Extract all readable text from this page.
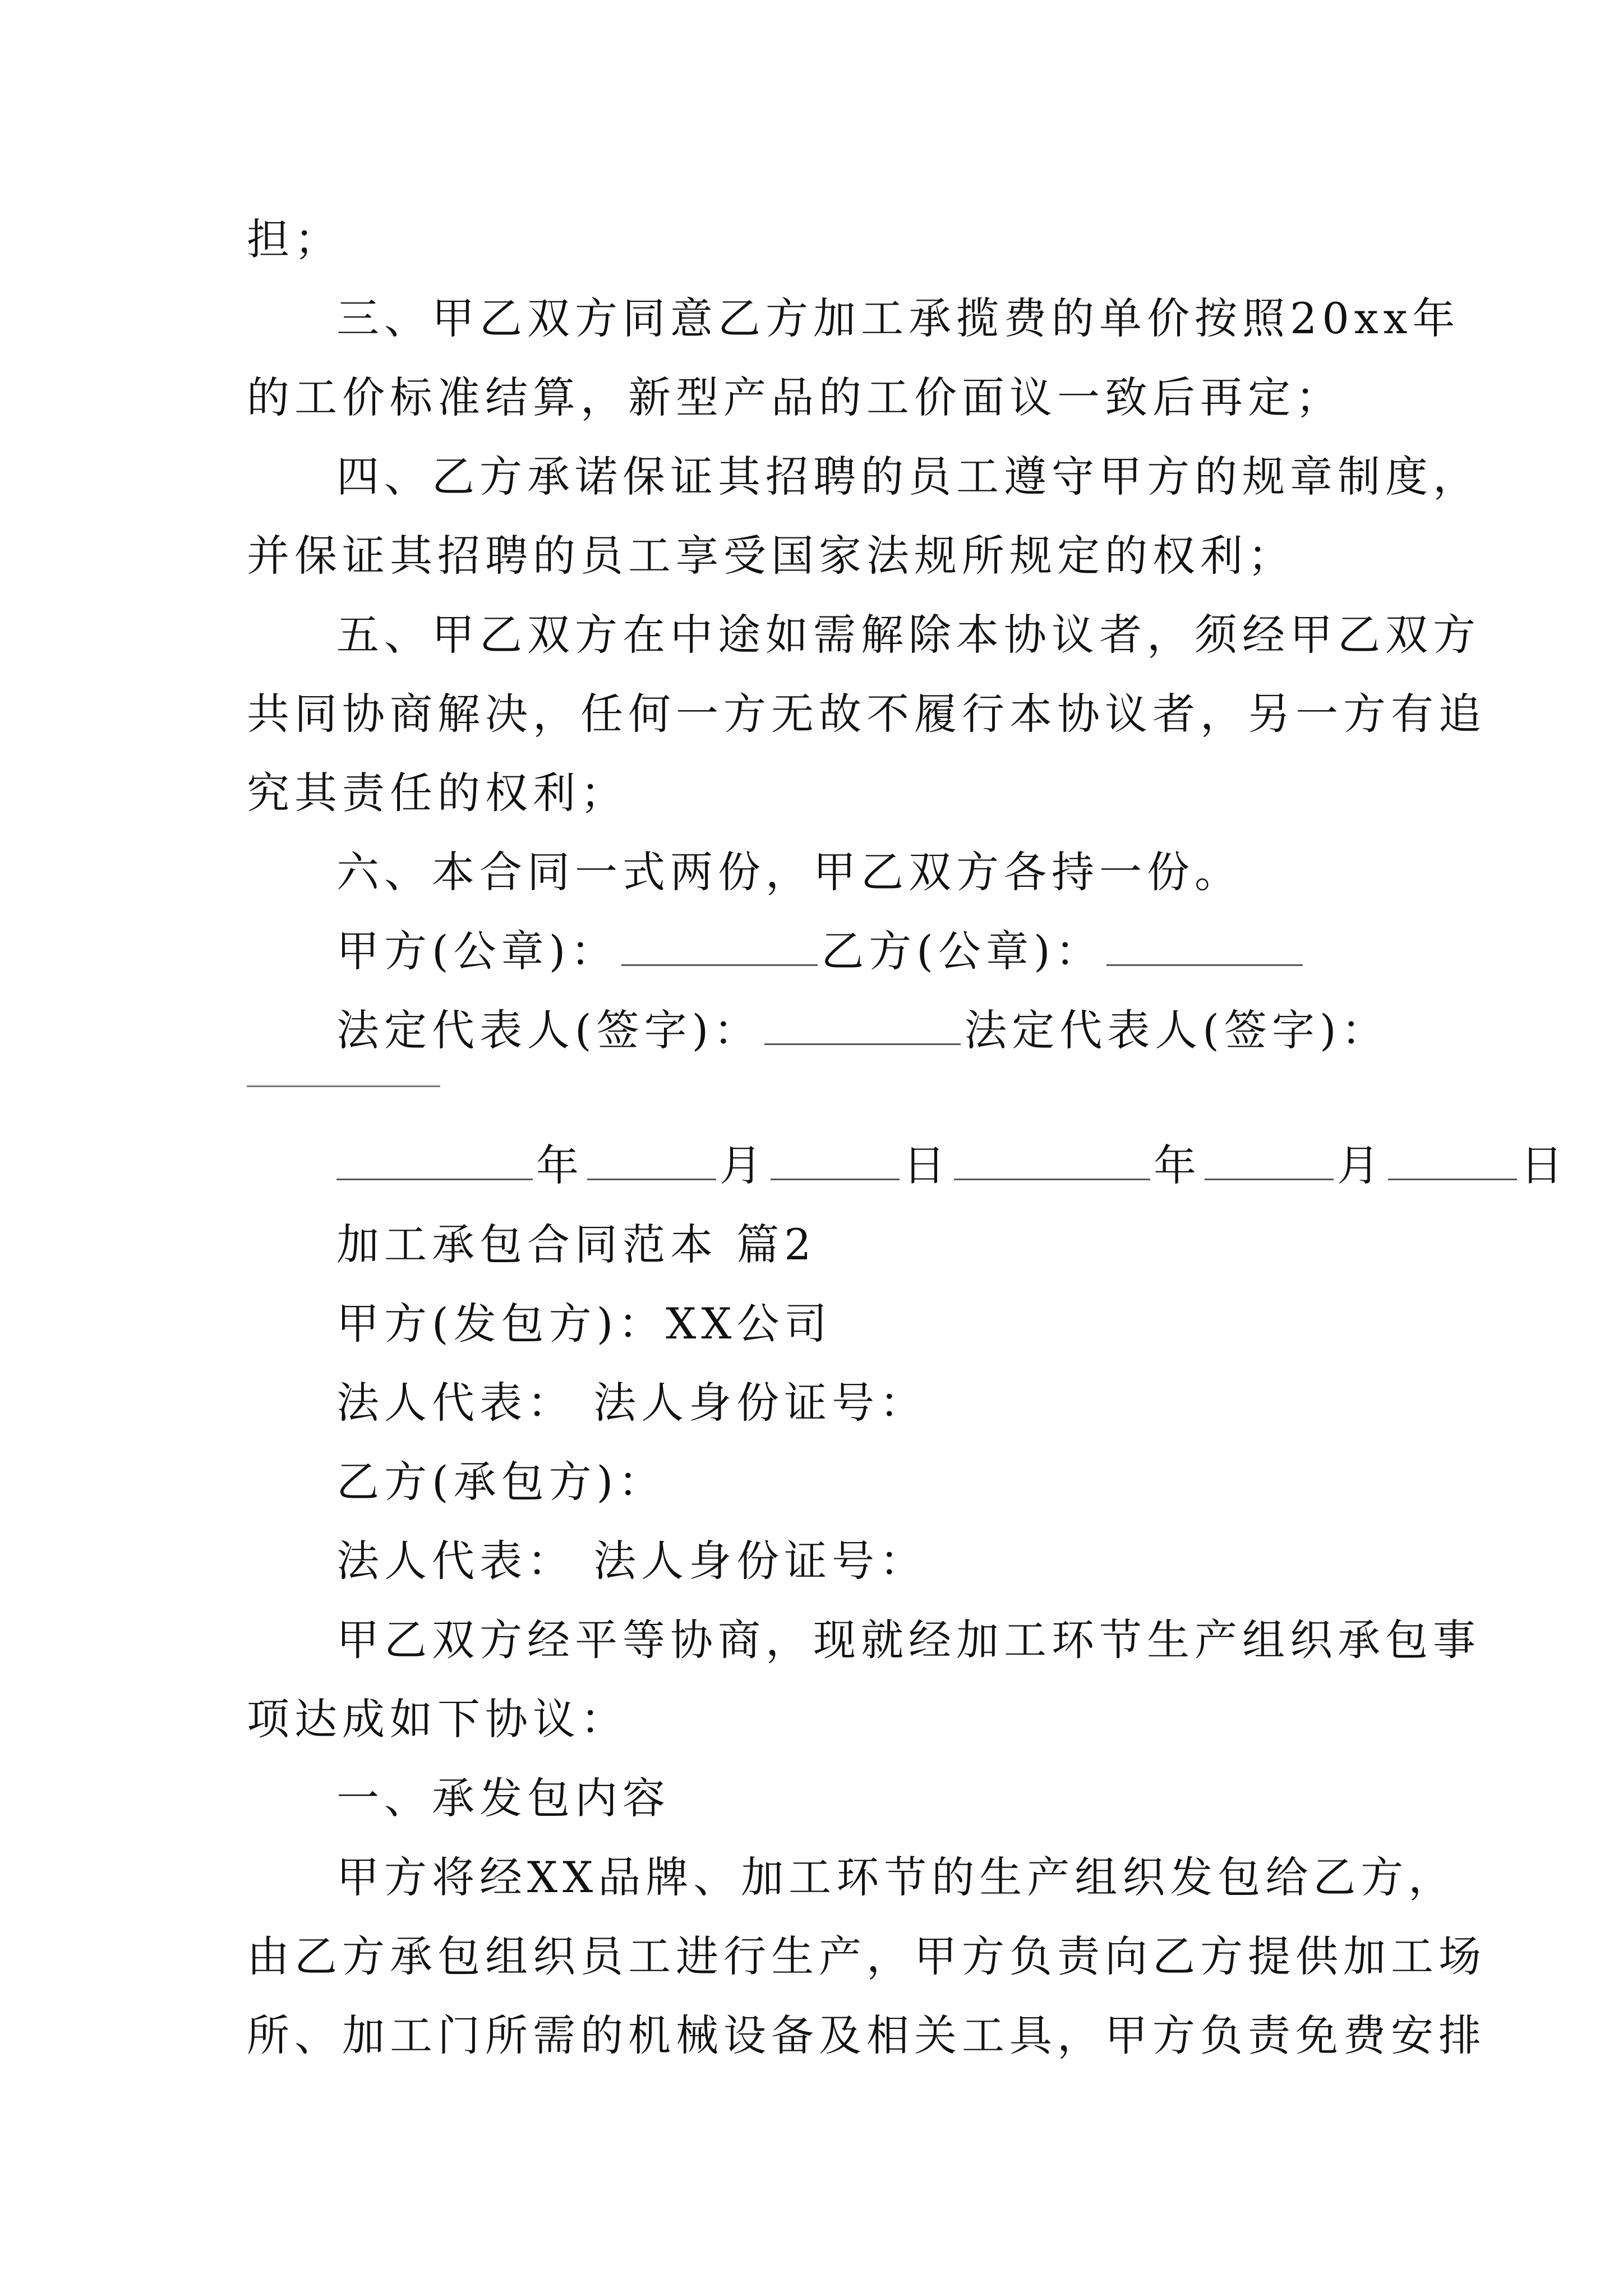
担；
三、甲乙双方同意乙方加工承揽费的单价按照20xx年
的工价标准结算，新型产品的工价面议一致后再定；
四、乙方承诺保证其招聘的员工遵守甲方的规章制度，
并保证其招聘的员工享受国家法规所规定的权利；
五、甲乙双方在中途如需解除本协议者，须经甲乙双方
共同协商解决，任何一方无故不履行本协议者，另一方有追
究其责任的权利；
六、本合同一式两份，甲乙双方各持一份。
甲方(公章)：	乙方(公章)：
法定代表人(签字)：	法定代表人(签字)：
年	月	日	年	月	日
加工承包合同范本 篇2
甲方(发包方)：XX公司
法人代表： 法人身份证号：
乙方(承包方)：
法人代表： 法人身份证号：
甲乙双方经平等协商，现就经加工环节生产组织承包事
项达成如下协议：
一、承发包内容
甲方将经XX品牌、加工环节的生产组织发包给乙方，
由乙方承包组织员工进行生产，甲方负责向乙方提供加工场
所、加工门所需的机械设备及相关工具，甲方负责免费安排
